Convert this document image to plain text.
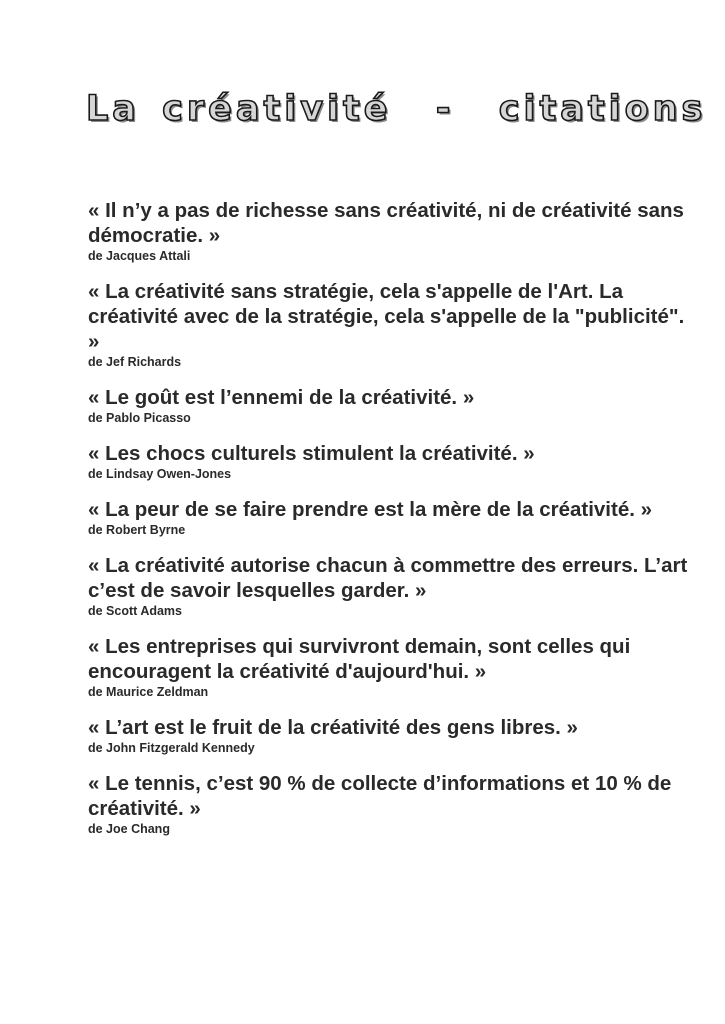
La créativité  -  citations
« Il n’y a pas de richesse sans créativité, ni de créativité sans démocratie. »
de Jacques Attali
« La créativité sans stratégie, cela s'appelle de l'Art. La créativité avec de la stratégie, cela s'appelle de la "publicité". »
de Jef Richards
« Le goût est l’ennemi de la créativité. »
de Pablo Picasso
« Les chocs culturels stimulent la créativité. »
de Lindsay Owen-Jones
« La peur de se faire prendre est la mère de la créativité. »
de Robert Byrne
« La créativité autorise chacun à commettre des erreurs. L’art c’est de savoir lesquelles garder. »
de Scott Adams
« Les entreprises qui survivront demain, sont celles qui encouragent la créativité d'aujourd'hui. »
de Maurice Zeldman
« L’art est le fruit de la créativité des gens libres. »
de John Fitzgerald Kennedy
« Le tennis, c’est 90 % de collecte d’informations et 10 % de créativité. »
de Joe Chang
